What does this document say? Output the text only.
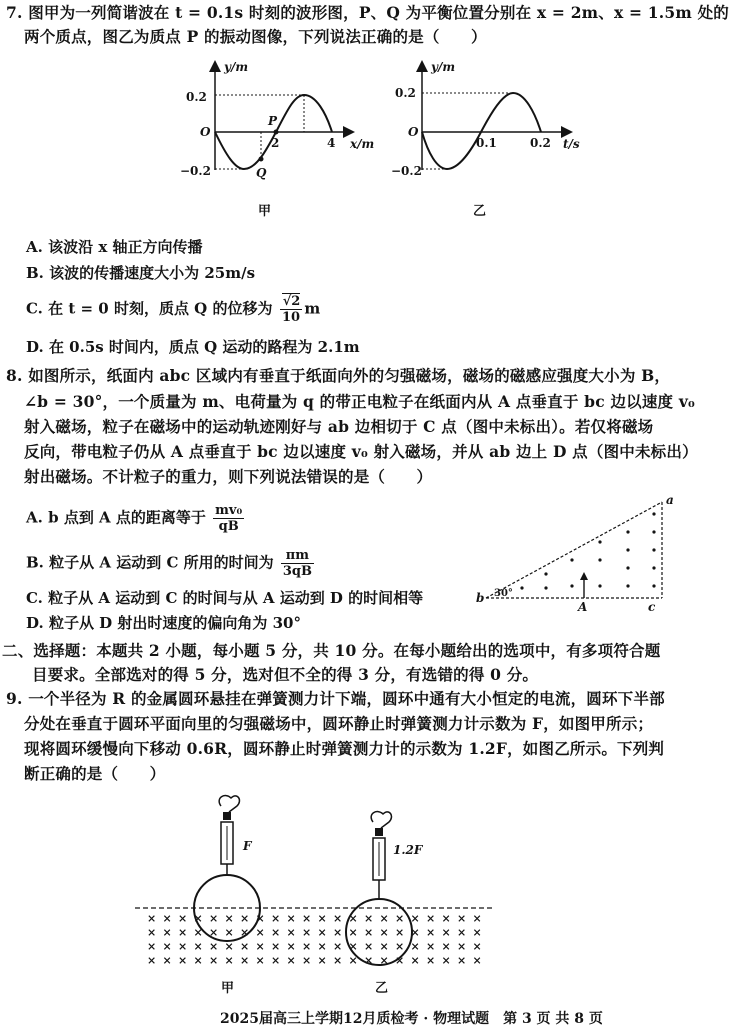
7. 图甲为一列简谐波在 t = 0.1s 时刻的波形图，P、Q 为平衡位置分别在 x = 2m、x = 1.5m 处的
两个质点，图乙为质点 P 的振动图像，下列说法正确的是（　　）
y/m
x/m
O
0.2
−0.2
2	4
P
Q
甲
y/m
t/s
O
0.2
−0.2
0.1	0.2
乙
A. 该波沿 x 轴正方向传播
B. 该波的传播速度大小为 25m/s
C. 在 t = 0 时刻，质点 Q 的位移为 $\frac{√2}{10}$ m
D. 在 0.5s 时间内，质点 Q 运动的路程为 2.1m
8. 如图所示，纸面内 abc 区域内有垂直于纸面向外的匀强磁场，磁场的磁感应强度大小为 B，
∠b = 30°，一个质量为 m、电荷量为 q 的带正电粒子在纸面内从 A 点垂直于 bc 边以速度 v₀
射入磁场，粒子在磁场中的运动轨迹刚好与 ab 边相切于 C 点（图中未标出）。若仅将磁场
反向，带电粒子仍从 A 点垂直于 bc 边以速度 v₀ 射入磁场，并从 ab 边上 D 点（图中未标出）
射出磁场。不计粒子的重力，则下列说法错误的是（　　）
A. b 点到 A 点的距离等于 $\frac{\text{mv₀}}{qB}$
B. 粒子从 A 运动到 C 所用的时间为 $\frac{\pi m}{3qB}$
C. 粒子从 A 运动到 C 的时间与从 A 运动到 D 的时间相等
D. 粒子从 D 射出时速度的偏向角为 30°
a
b
c
A
30°
二、选择题：本题共 2 小题，每小题 5 分，共 10 分。在每小题给出的选项中，有多项符合题
目要求。全部选对的得 5 分，选对但不全的得 3 分，有选错的得 0 分。
9. 一个半径为 R 的金属圆环悬挂在弹簧测力计下端，圆环中通有大小恒定的电流，圆环下半部
分处在垂直于圆环平面向里的匀强磁场中，圆环静止时弹簧测力计示数为 F，如图甲所示；
现将圆环缓慢向下移动 0.6R，圆环静止时弹簧测力计的示数为 1.2F，如图乙所示。下列判
断正确的是（　　）
F	1.2F
× × × × × × × × × × × × × × × × × × × × × ×
× × × × × × × × × × × × × × × × × × × × × ×
× × × × × × × × × × × × × × × × × × × × × ×
× × × × × × × × × × × × × × × × × × × × × ×
甲	乙
2025届高三上学期12月质检考 · 物理试题　第 3 页 共 8 页
